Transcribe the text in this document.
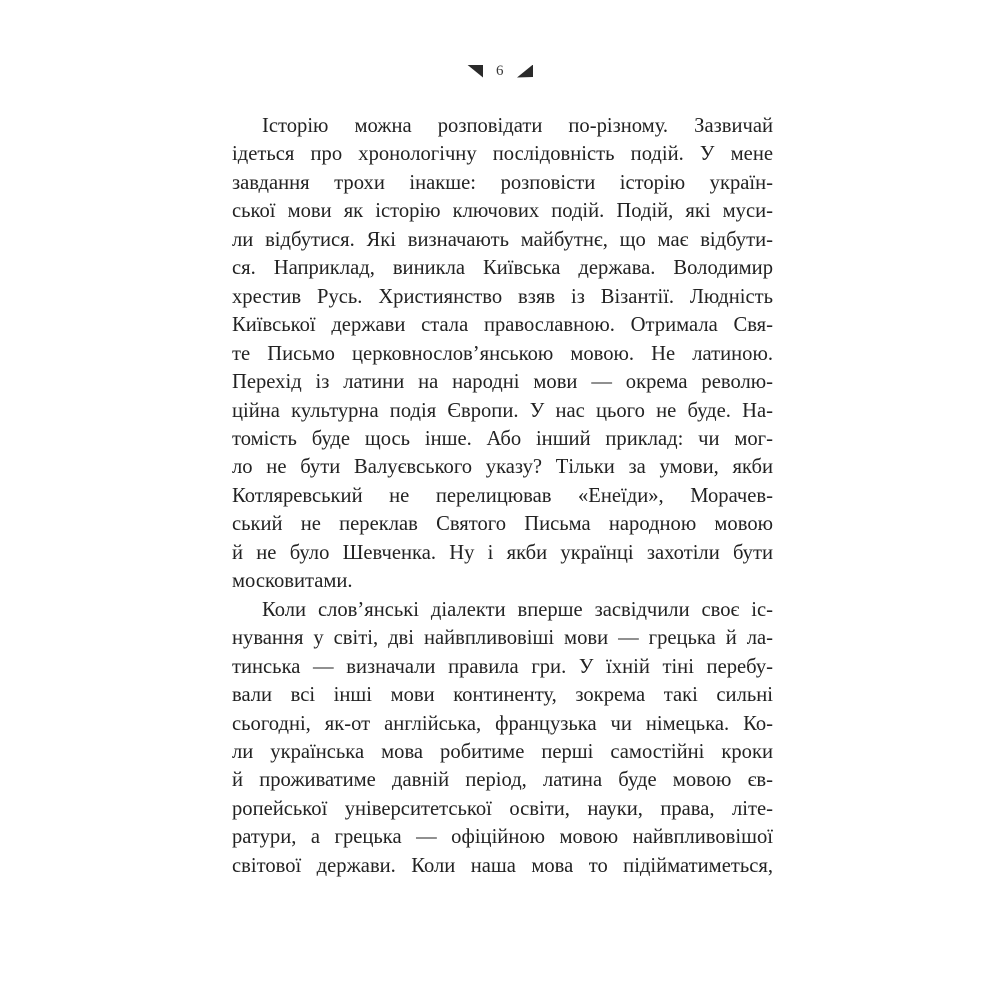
6
Історію можна розповідати по-різному. Зазвичай
ідеться про хронологічну послідовність подій. У мене
завдання трохи інакше: розповісти історію україн-
ської мови як історію ключових подій. Подій, які муси-
ли відбутися. Які визначають майбутнє, що має відбути-
ся. Наприклад, виникла Київська держава. Володимир
хрестив Русь. Християнство взяв із Візантії. Людність
Київської держави стала православною. Отримала Свя-
те Письмо церковнослов’янською мовою. Не латиною.
Перехід із латини на народні мови — окрема револю-
ційна культурна подія Європи. У нас цього не буде. На-
томість буде щось інше. Або інший приклад: чи мог-
ло не бути Валуєвського указу? Тільки за умови, якби
Котляревський не перелицював «Енеїди», Морачев-
ський не переклав Святого Письма народною мовою
й не було Шевченка. Ну і якби українці захотіли бути
московитами.
Коли слов’янські діалекти вперше засвідчили своє іс-
нування у світі, дві найвпливовіші мови — грецька й ла-
тинська — визначали правила гри. У їхній тіні перебу-
вали всі інші мови континенту, зокрема такі сильні
сьогодні, як-от англійська, французька чи німецька. Ко-
ли українська мова робитиме перші самостійні кроки
й проживатиме давній період, латина буде мовою єв-
ропейської університетської освіти, науки, права, літе-
ратури, а грецька — офіційною мовою найвпливовішої
світової держави. Коли наша мова то підійматиметься,
